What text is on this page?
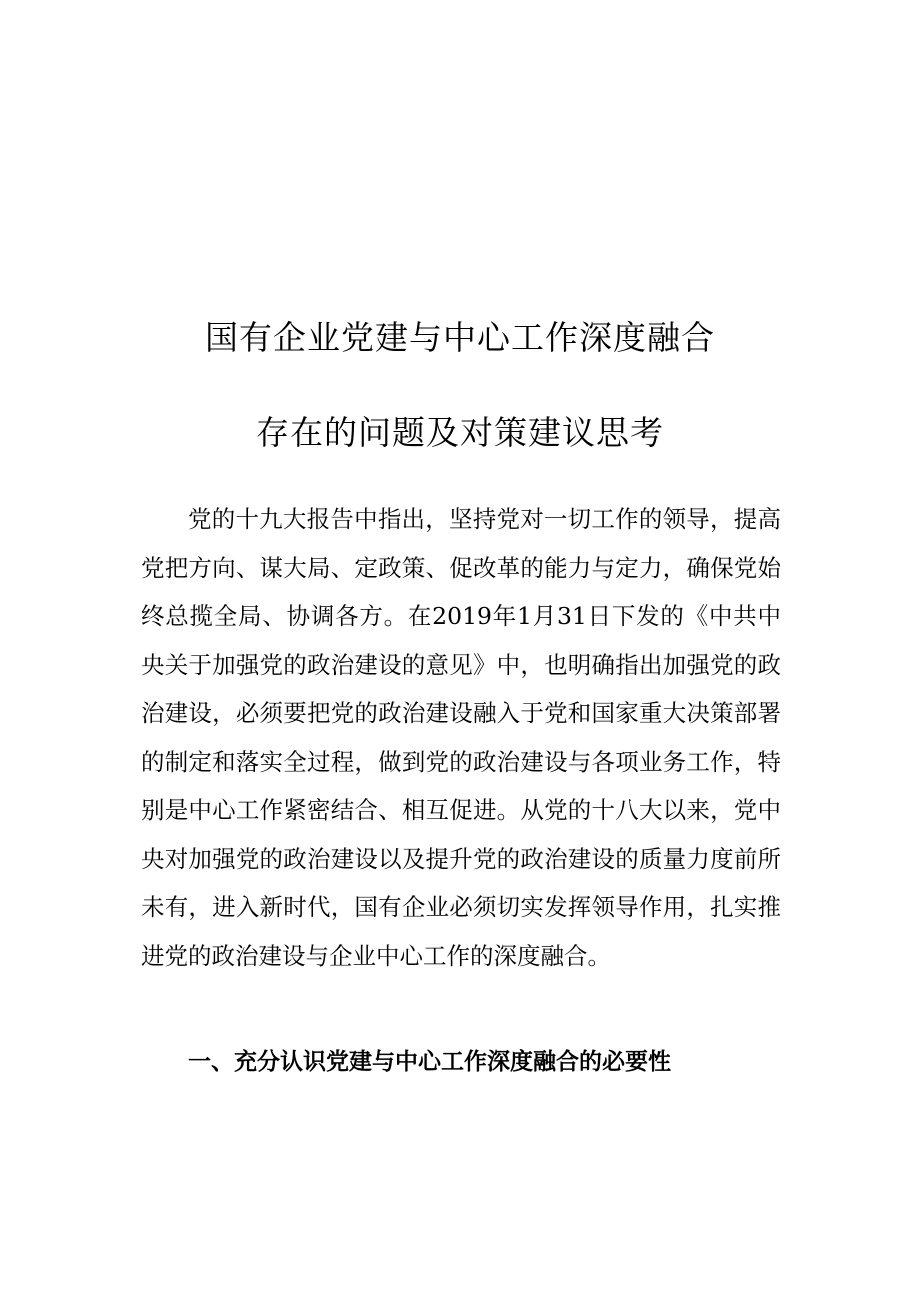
国有企业党建与中心工作深度融合
存在的问题及对策建议思考

党的十九大报告中指出，坚持党对一切工作的领导，提高党把方向、谋大局、定政策、促改革的能力与定力，确保党始终总揽全局、协调各方。在2019年1月31日下发的《中共中央关于加强党的政治建设的意见》中，也明确指出加强党的政治建设，必须要把党的政治建设融入于党和国家重大决策部署的制定和落实全过程，做到党的政治建设与各项业务工作，特别是中心工作紧密结合、相互促进。从党的十八大以来，党中央对加强党的政治建设以及提升党的政治建设的质量力度前所未有，进入新时代，国有企业必须切实发挥领导作用，扎实推进党的政治建设与企业中心工作的深度融合。

一、充分认识党建与中心工作深度融合的必要性
